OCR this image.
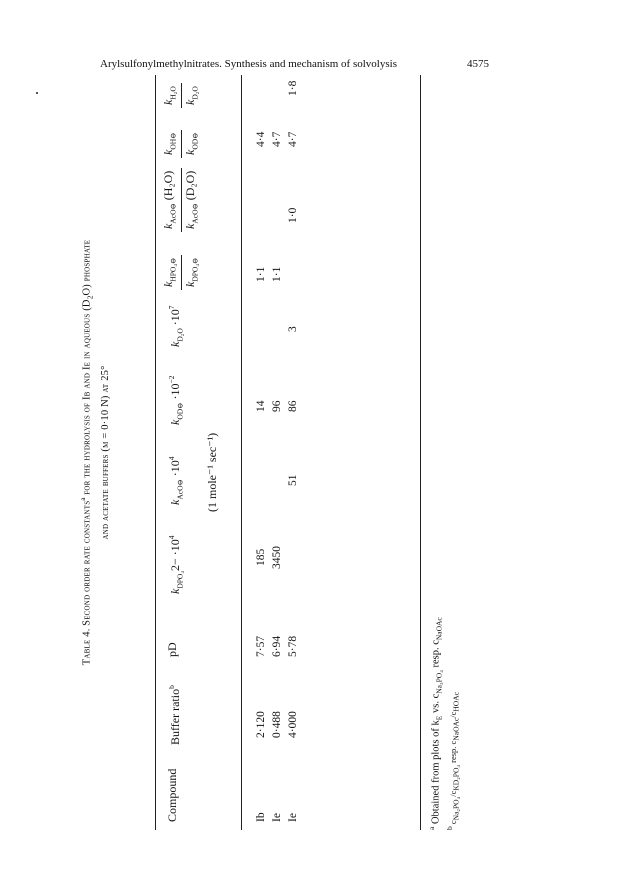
Arylsulfonylmethylnitrates. Synthesis and mechanism of solvolysis	4575
Table 4. Second order rate constants$^a$ for the hydrolysis of Ib and Ie in aqueous $(D_2O)$ phosphate
and acetate buffers (μ = 0·10 N) at 25°
Compound
Buffer ratio$^b$
pD
$k_{DPO_4}2- \cdot 10^4$
$k_{AcO⊖} \cdot 10^4$
$k_{OD⊖} \cdot 10^{-2}$
$k_{D_2O} \cdot 10^7$
(1 mole⁻¹ sec⁻¹)
$k_{HPO_4⊖}$
$k_{DPO_4⊖}$
$k_{AcO⊖}$ (H₂O)
$k_{AcO⊖}$ (D₂O)
$k_{OH⊖}$
$k_{OD⊖}$
$k_{H_2O}$
$k_{D_2O}$
Ib
2·120
7·57
185
14
1·1
4·4
Ie
0·488
6·94
3450
96
1·1
4·7
Ie
4·000
5·78
51
86
3
1·0
4·7
1·8
$^a$ Obtained from plots of $k_E$ vs. $c_{Na_3PO_4}$ resp. $c_{NaOAc}$
$^b$ $c_{Na_2PO_4}/c_{KD_2PO_4}$ resp. $c_{NaOAc}/c_{HOAc}$
